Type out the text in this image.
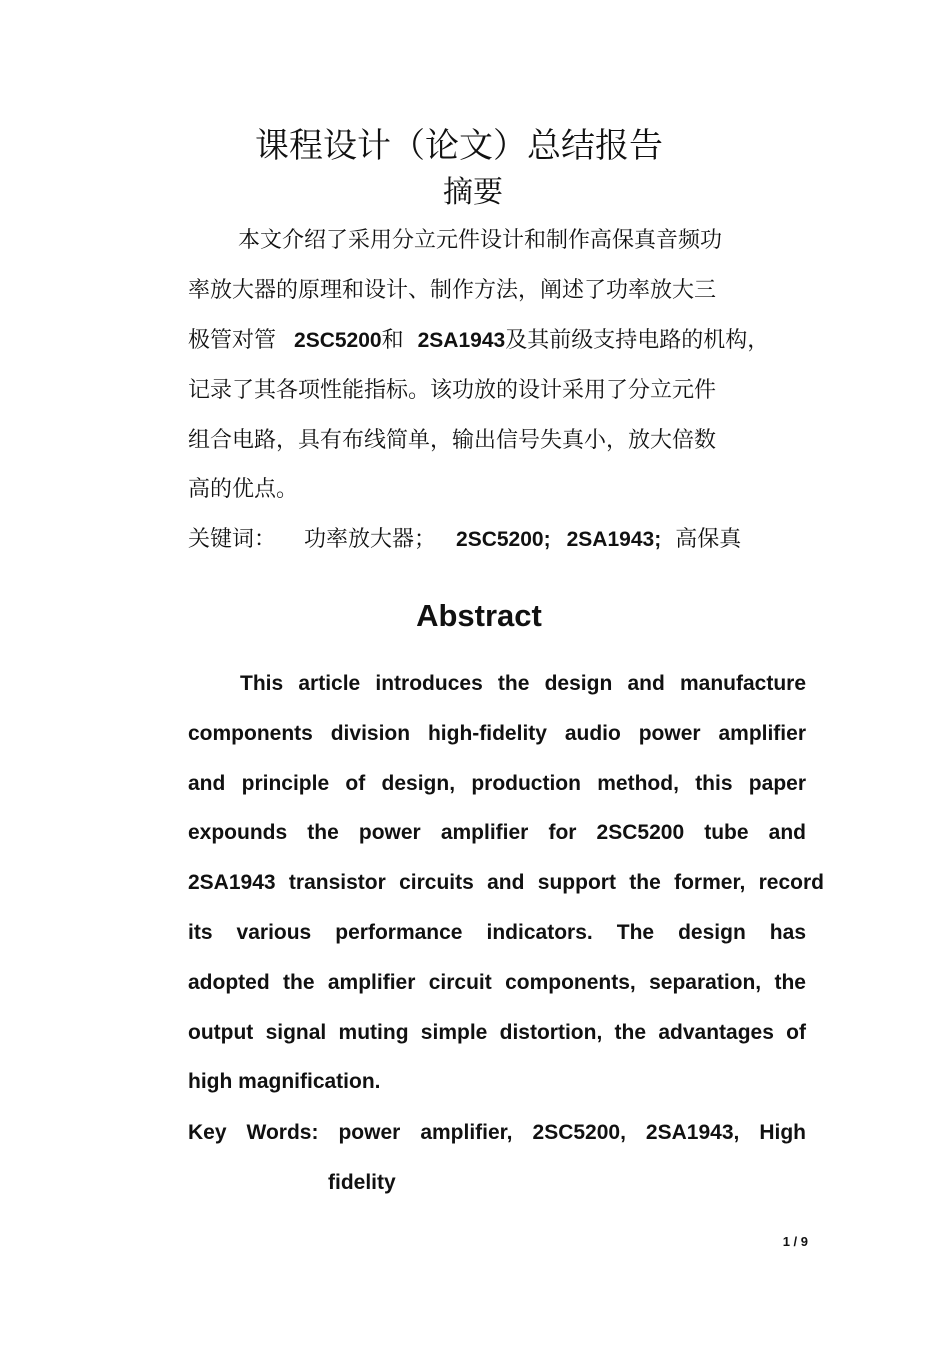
课程设计（论文）总结报告
摘要
本文介绍了采用分立元件设计和制作高保真音频功
率放大器的原理和设计、制作方法，阐述了功率放大三
极管对管 2SC5200和 2SA1943及其前级支持电路的机构，
记录了其各项性能指标。该功放的设计采用了分立元件
组合电路，具有布线简单，输出信号失真小，放大倍数
高的优点。
关键词： 功率放大器； 2SC5200; 2SA1943; 高保真
Abstract
This article introduces the design and manufacture
components division high-fidelity audio power amplifier
and principle of design, production method, this paper
expounds the power amplifier for 2SC5200 tube and
2SA1943 transistor circuits and support the former, record
its various performance indicators. The design has
adopted the amplifier circuit components, separation, the
output signal muting simple distortion, the advantages of
high magnification.
Key Words: power amplifier, 2SC5200, 2SA1943, High
fidelity
1 / 9
